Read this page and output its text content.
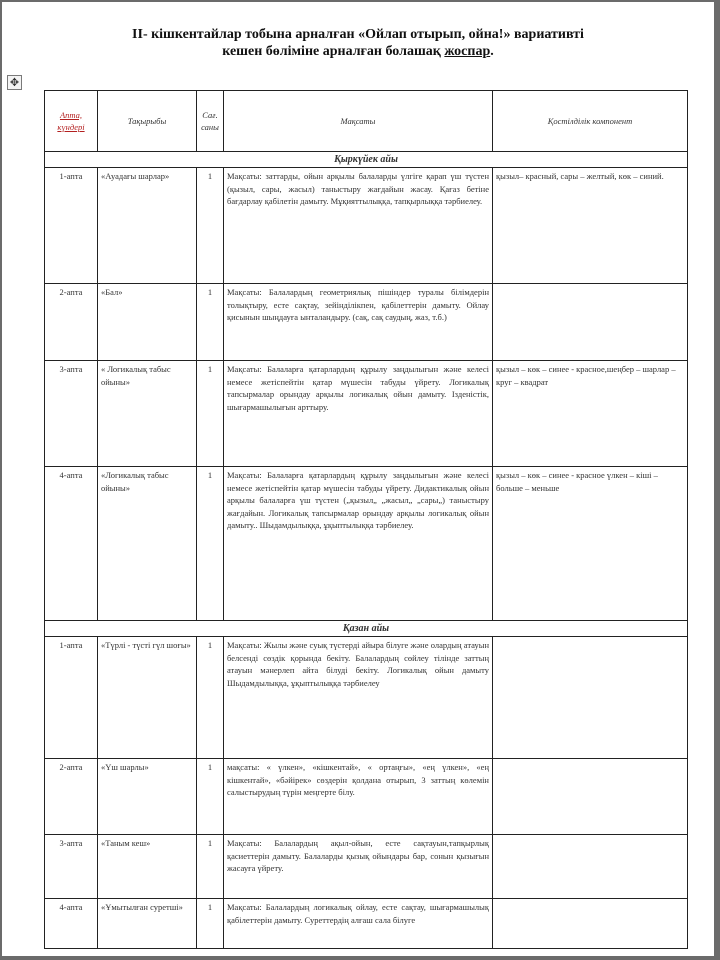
II- кішкентайлар тобына арналған «Ойлап отырып, ойна!» вариативті
кешен бөліміне арналған болашақ жоспар.
✥
Апта, күндері	Тақырыбы	Сағ. саны	Мақсаты	Қостілділік компонент
Қыркүйек айы				
1-апта	«Ауадағы шарлар»	1	Мақсаты: заттарды, ойын арқылы балаларды үлгіге қарап үш түстен (қызыл, сары, жасыл) таныстыру жағдайын жасау. Қағаз бетіне бағдарлау қабілетін дамыту. Мұқияттылыққа, тапқырлыққа тәрбиелеу.	қызыл– красный, сары – желтый, көк – синий.
2-апта	«Бал»	1	Мақсаты: Балалардың геометриялық пішіндер туралы білімдерін толықтыру, есте сақтау, зейінділікпен, қабілеттерін дамыту. Ойлау қисынын шыңдауға ынталандыру. (сақ, сақ саудың, жаз, т.б.)	
3-апта	« Логикалық табыс ойыны»	1	Мақсаты: Балаларға қатарлардың құрылу заңдылығын және келесі немесе жетіспейтін қатар мүшесін табуды үйрету. Логикалық тапсырмалар орындау арқылы логикалық ойын дамыту. Ізденістік, шығармашылығын арттыру.	қызыл – көк – синее - красное,шеңбер – шарлар – круг – квадрат
4-апта	«Логикалық табыс ойыны»	1	Мақсаты: Балаларға қатарлардың құрылу заңдылығын және келесі немесе жетіспейтін қатар мүшесін табуды үйрету. Дидактикалық ойын арқылы балаларға үш түстен („қызыл„ „жасыл„ „сары„) таныстыру жағдайын. Логикалық тапсырмалар орындау арқылы логикалық ойын дамыту.. Шыдамдылыққа, ұқыптылыққа тәрбиелеу.	қызыл – көк – синее - красное үлкен – кіші – больше – меньше
Қазан айы				
1-апта	«Түрлі - түсті гүл шоғы»	1	Мақсаты: Жылы және суық түстерді айыра білуге және олардың атауын белсенді сөздік қорында бекіту. Балалардың сөйлеу тілінде заттың атауын мәнерлеп айта білуді бекіту. Логикалық ойын дамыту Шыдамдылыққа, ұқыптылыққа тәрбиелеу	
2-апта	«Үш шарлы»	1	мақсаты: « үлкен», «кішкентай», « ортаңғы», «ең үлкен», «ең кішкентай», «бәйірек» сөздерін қолдана отырып, 3 заттың көлемін салыстырудың түрін меңгерте білу.	
3-апта	«Таным кеш»	1	Мақсаты: Балалардың ақыл-ойын, есте сақтауын,тапқырлық қасиеттерін дамыту. Балаларды қызық ойындары бар, сонын қызығын жасауға үйрету.	
4-апта	«Ұмытылған суретші»	1	Мақсаты: Балалардың логикалық ойлау, есте сақтау, шығармашылық қабілеттерін дамыту. Суреттердің алғаш сала білуге	
